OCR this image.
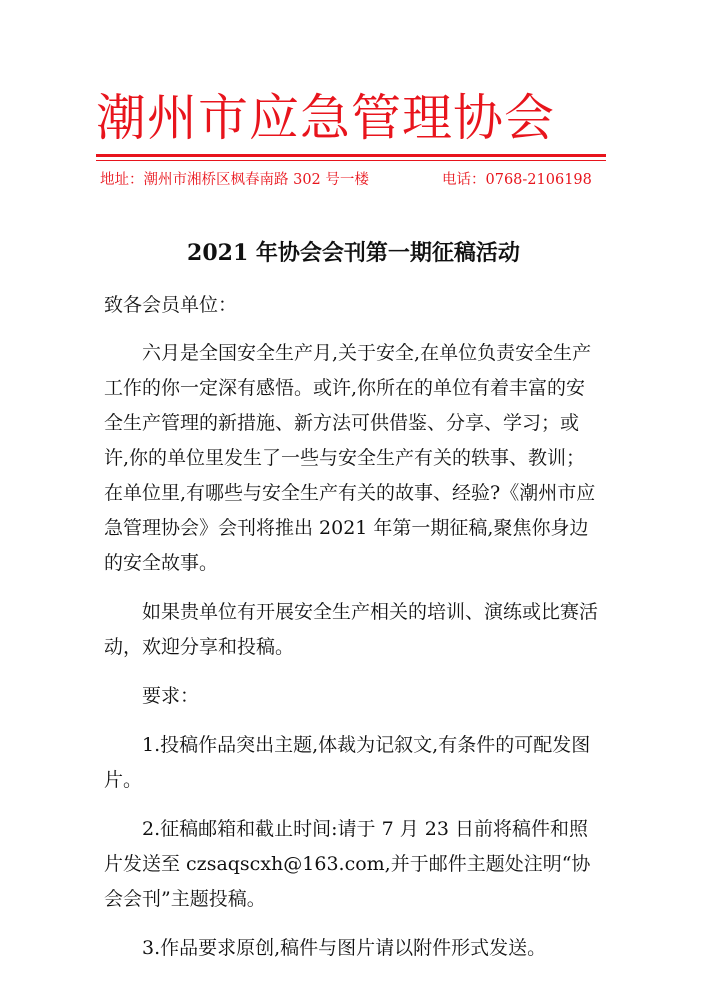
潮州市应急管理协会
地址：潮州市湘桥区枫春南路 302 号一楼	电话：0768-2106198
2021 年协会会刊第一期征稿活动

致各会员单位：

六月是全国安全生产月,关于安全,在单位负责安全生产工作的你一定深有感悟。或许,你所在的单位有着丰富的安全生产管理的新措施、新方法可供借鉴、分享、学习；或许,你的单位里发生了一些与安全生产有关的轶事、教训；在单位里,有哪些与安全生产有关的故事、经验?《潮州市应急管理协会》会刊将推出 2021 年第一期征稿,聚焦你身边的安全故事。

如果贵单位有开展安全生产相关的培训、演练或比赛活动，欢迎分享和投稿。

要求：

1.投稿作品突出主题,体裁为记叙文,有条件的可配发图片。

2.征稿邮箱和截止时间:请于 7 月 23 日前将稿件和照片发送至 czsaqscxh@163.com,并于邮件主题处注明“协会会刊”主题投稿。

3.作品要求原创,稿件与图片请以附件形式发送。
